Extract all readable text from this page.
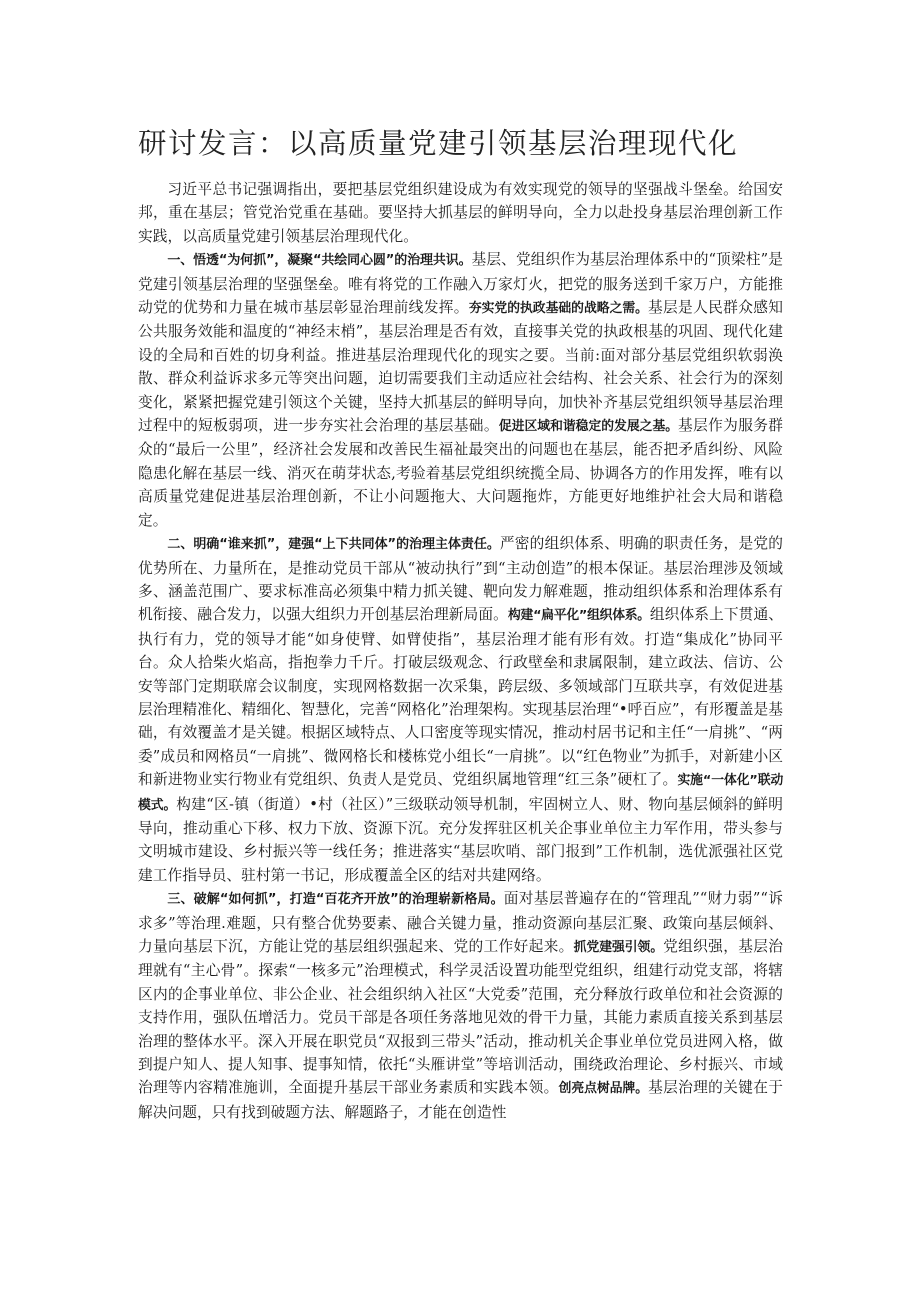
研讨发言：以高质量党建引领基层治理现代化

习近平总书记强调指出，要把基层党组织建设成为有效实现党的领导的坚强战斗堡垒。给国安邦，重在基层；管党治党重在基础。要坚持大抓基层的鲜明导向，全力以赴投身基层治理创新工作实践，以高质量党建引领基层治理现代化。

一、悟透“为何抓”，凝聚“共绘同心圆”的治理共识。基层、党组织作为基层治理体系中的“顶梁柱”是党建引领基层治理的坚强堡垒。唯有将党的工作融入万家灯火，把党的服务送到千家万户，方能推动党的优势和力量在城市基层彰显治理前线发挥。夯实党的执政基础的战略之需。基层是人民群众感知公共服务效能和温度的“神经末梢”，基层治理是否有效，直接事关党的执政根基的巩固、现代化建设的全局和百姓的切身利益。推进基层治理现代化的现实之要。当前:面对部分基层党组织软弱涣散、群众利益诉求多元等突出问题，迫切需要我们主动适应社会结构、社会关系、社会行为的深刻变化，紧紧把握党建引领这个关键，坚持大抓基层的鲜明导向，加快补齐基层党组织领导基层治理过程中的短板弱项，进一步夯实社会治理的基层基础。促进区域和谐稳定的发展之基。基层作为服务群众的“最后一公里”，经济社会发展和改善民生福祉最突出的问题也在基层，能否把矛盾纠纷、风险隐患化解在基层一线、消灭在萌芽状态,考验着基层党组织统揽全局、协调各方的作用发挥，唯有以高质量党建促进基层治理创新，不让小问题拖大、大问题拖炸，方能更好地维护社会大局和谐稳定。

二、明确“谁来抓”，建强“上下共同体”的治理主体责任。严密的组织体系、明确的职责任务，是党的优势所在、力量所在，是推动党员干部从“被动执行”到“主动创造”的根本保证。基层治理涉及领域多、涵盖范围广、要求标准高必须集中精力抓关键、靶向发力解难题，推动组织体系和治理体系有机衔接、融合发力，以强大组织力开创基层治理新局面。构建“扁平化”组织体系。组织体系上下贯通、执行有力，党的领导才能“如身使臂、如臂使指”，基层治理才能有形有效。打造“集成化”协同平台。众人拾柴火焰高，指抱拳力千斤。打破层级观念、行政壁垒和隶属限制，建立政法、信访、公安等部门定期联席会议制度，实现网格数据一次采集，跨层级、多领域部门互联共享，有效促进基层治理精准化、精细化、智慧化，完善“网格化”治理架构。实现基层治理“•呼百应”，有形覆盖是基础，有效覆盖才是关键。根据区域特点、人口密度等现实情况，推动村居书记和主任“一肩挑”、“两委”成员和网格员“一肩挑”、微网格长和楼栋党小组长“一肩挑”。以“红色物业”为抓手，对新建小区和新进物业实行物业有党组织、负责人是党员、党组织属地管理“红三条”硬杠了。实施“一体化”联动模式。构建“区-镇（街道）•村（社区）”三级联动领导机制，牢固树立人、财、物向基层倾斜的鲜明导向，推动重心下移、权力下放、资源下沉。充分发挥驻区机关企事业单位主力军作用，带头参与文明城市建设、乡村振兴等一线任务；推进落实“基层吹哨、部门报到”工作机制，选优派强社区党建工作指导员、驻村第一书记，形成覆盖全区的结对共建网络。

三、破解“如何抓”，打造“百花齐开放”的治理崭新格局。面对基层普遍存在的“管理乱”“财力弱”“诉求多”等治理.难题，只有整合优势要素、融合关键力量，推动资源向基层汇聚、政策向基层倾斜、力量向基层下沉，方能让党的基层组织强起来、党的工作好起来。抓党建强引领。党组织强，基层治理就有“主心骨”。探索“一核多元”治理模式，科学灵活设置功能型党组织，组建行动党支部，将辖区内的企事业单位、非公企业、社会组织纳入社区“大党委”范围，充分释放行政单位和社会资源的支持作用，强队伍增活力。党员干部是各项任务落地见效的骨干力量，其能力素质直接关系到基层治理的整体水平。深入开展在职党员“双报到三带头”活动，推动机关企事业单位党员进网入格，做到提户知人、提人知事、提事知情，依托“头雁讲堂”等培训活动，围绕政治理论、乡村振兴、市域治理等内容精准施训，全面提升基层干部业务素质和实践本领。创亮点树品牌。基层治理的关键在于解决问题，只有找到破题方法、解题路子，才能在创造性
